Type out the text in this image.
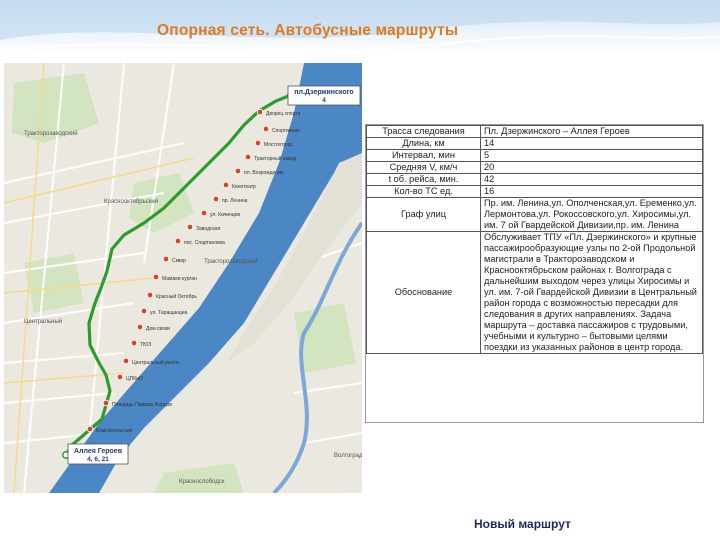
Опорная сеть. Автобусные маршруты
Тракторозаводский
Краснооктябрьский
Тракторозаводский
Центральный
Волгоград
Краснослободск
Дворец спорта
Спортивная
Мостоотряд
Тракторный завод
пл. Возрождения
Кинотеатр
пр. Ленина
ул. Качинцев
Заводская
пос. Спартановка
Сквер
Мамаев курган
Красный Октябрь
ул. Таращанцев
Дом связи
ТЮЗ
Центральный рынок
ЦПКиО
Площадь Павших Борцов
Комсомольская
пл.Дзержинского
4
Аллея Героев
4, 6, 21
Трасса следования	Пл. Дзержинского – Аллея Героев
Длина, км	14
Интервал, мин	5
Средняя V, км/ч	20
t об. рейса, мин.	42
Кол-во ТС ед.	16
Граф улиц	Пр. им. Ленина,ул. Ополченская,ул. Еременко,ул. Лермонтова,ул. Рокоссовского,ул. Хиросимы,ул. им. 7 ой Гвардейской Дивизии,пр. им. Ленина
Обоснование	Обслуживает ТПУ «Пл. Дзержинского» и крупные пассажирообразующие узлы по 2-ой Продольной магистрали в Тракторозаводском и Краснооктябрьском районах г. Волгограда с дальнейшим выходом через улицы Хиросимы и ул. им. 7-ой Гвардейской Дивизии в Центральный район города с возможностью пересадки для следования в других направлениях. Задача маршрута – доставка пассажиров с трудовыми, учебными и культурно – бытовыми целями поездки из указанных районов в центр города.
Новый маршрут
